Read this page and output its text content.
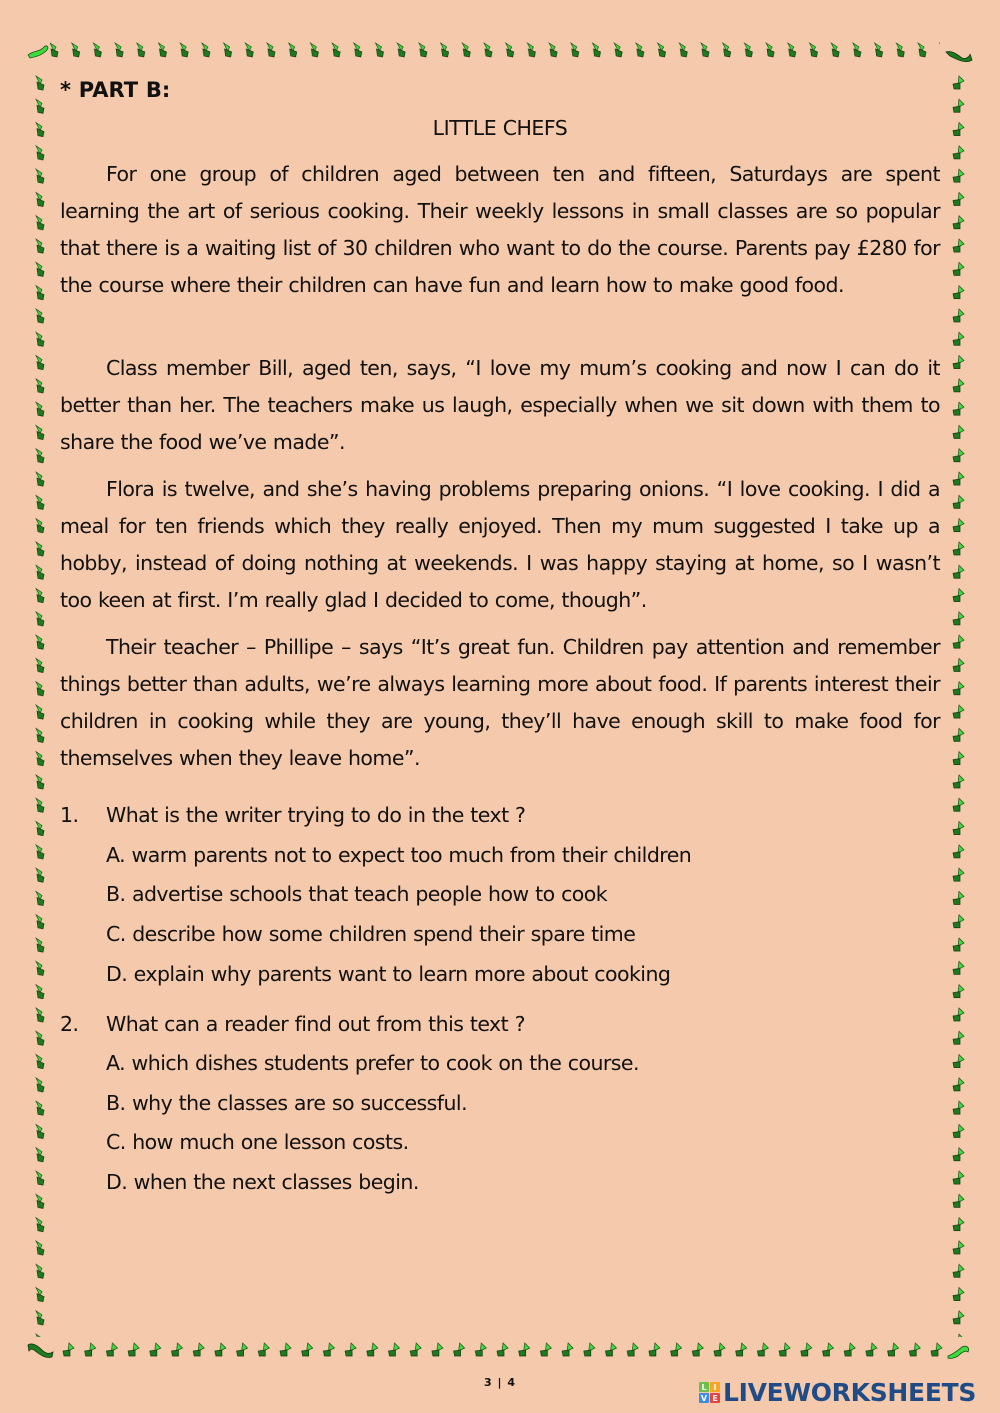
* PART B:
LITTLE CHEFS

For one group of children aged between ten and fifteen, Saturdays are spent learning the art of serious cooking. Their weekly lessons in small classes are so popular that there is a waiting list of 30 children who want to do the course. Parents pay £280 for the course where their children can have fun and learn how to make good food.

Class member Bill, aged ten, says, “I love my mum’s cooking and now I can do it better than her. The teachers make us laugh, especially when we sit down with them to share the food we’ve made”.

Flora is twelve, and she’s having problems preparing onions. “I love cooking. I did a meal for ten friends which they really enjoyed. Then my mum suggested I take up a hobby, instead of doing nothing at weekends. I was happy staying at home, so I wasn’t too keen at first. I’m really glad I decided to come, though”.

Their teacher – Phillipe – says “It’s great fun. Children pay attention and remember things better than adults, we’re always learning more about food. If parents interest their children in cooking while they are young, they’ll have enough skill to make food for themselves when they leave home”.

1. What is the writer trying to do in the text ?
A. warm parents not to expect too much from their children
B. advertise schools that teach people how to cook
C. describe how some children spend their spare time
D. explain why parents want to learn more about cooking
2. What can a reader find out from this text ?
A. which dishes students prefer to cook on the course.
B. why the classes are so successful.
C. how much one lesson costs.
D. when the next classes begin.
3 | 4	L I
V E LIVEWORKSHEETS
